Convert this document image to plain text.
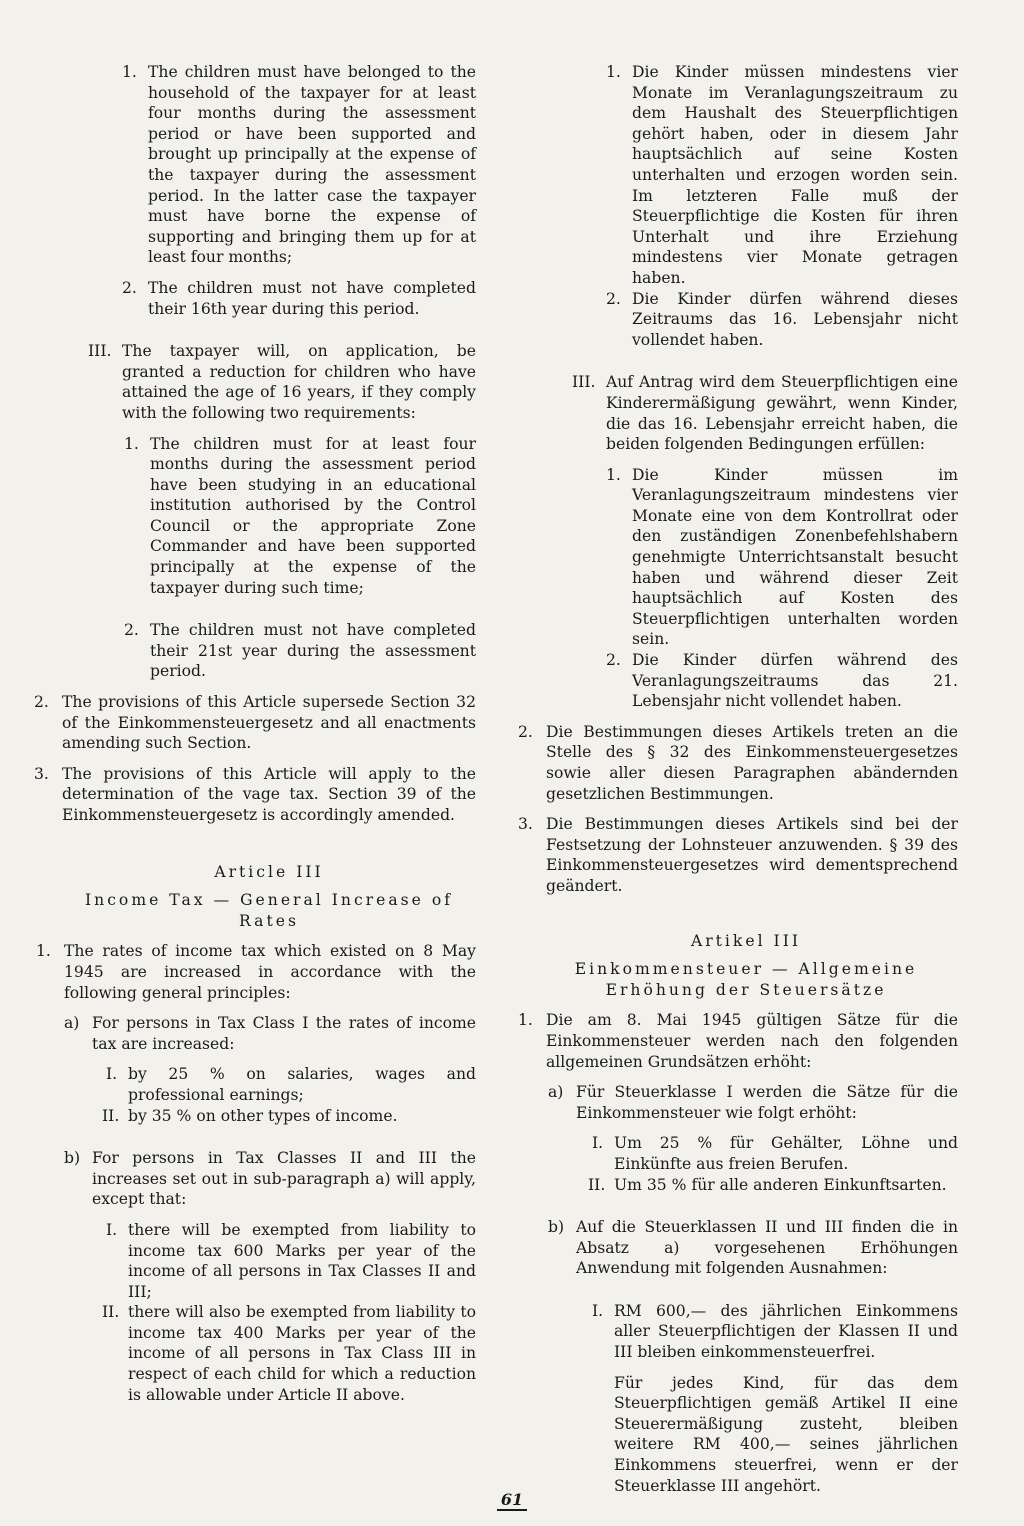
1. The children must have belonged to the household of the taxpayer for at least four months during the assessment period or have been supported and brought up principally at the expense of the taxpayer during the assessment period. In the latter case the taxpayer must have borne the expense of supporting and bringing them up for at least four months;
2. The children must not have completed their 16th year during this period.
III. The taxpayer will, on application, be granted a reduction for children who have attained the age of 16 years, if they comply with the following two requirements:
1. The children must for at least four months during the assessment period have been studying in an educational institution authorised by the Control Council or the appropriate Zone Commander and have been supported principally at the expense of the taxpayer during such time;
2. The children must not have completed their 21st year during the assessment period.
2. The provisions of this Article supersede Section 32 of the Einkommensteuergesetz and all enactments amending such Section.
3. The provisions of this Article will apply to the determination of the vage tax. Section 39 of the Einkommensteuergesetz is accordingly amended.
Article III
Income Tax — General Increase of Rates
1. The rates of income tax which existed on 8 May 1945 are increased in accordance with the following general principles:
a) For persons in Tax Class I the rates of income tax are increased:
I. by 25 % on salaries, wages and professional earnings;
II. by 35 % on other types of income.
b) For persons in Tax Classes II and III the increases set out in sub-paragraph a) will apply, except that:
I. there will be exempted from liability to income tax 600 Marks per year of the income of all persons in Tax Classes II and III;
II. there will also be exempted from liability to income tax 400 Marks per year of the income of all persons in Tax Class III in respect of each child for which a reduction is allowable under Article II above.
1. Die Kinder müssen mindestens vier Monate im Veranlagungszeitraum zu dem Haushalt des Steuerpflichtigen gehört haben, oder in diesem Jahr hauptsächlich auf seine Kosten unterhalten und erzogen worden sein. Im letzteren Falle muß der Steuerpflichtige die Kosten für ihren Unterhalt und ihre Erziehung mindestens vier Monate getragen haben.
2. Die Kinder dürfen während dieses Zeitraums das 16. Lebensjahr nicht vollendet haben.
III. Auf Antrag wird dem Steuerpflichtigen eine Kinderermäßigung gewährt, wenn Kinder, die das 16. Lebensjahr erreicht haben, die beiden folgenden Bedingungen erfüllen:
1. Die Kinder müssen im Veranlagungszeitraum mindestens vier Monate eine von dem Kontrollrat oder den zuständigen Zonenbefehlshabern genehmigte Unterrichtsanstalt besucht haben und während dieser Zeit hauptsächlich auf Kosten des Steuerpflichtigen unterhalten worden sein.
2. Die Kinder dürfen während des Veranlagungszeitraums das 21. Lebensjahr nicht vollendet haben.
2. Die Bestimmungen dieses Artikels treten an die Stelle des § 32 des Einkommensteuergesetzes sowie aller diesen Paragraphen abändernden gesetzlichen Bestimmungen.
3. Die Bestimmungen dieses Artikels sind bei der Festsetzung der Lohnsteuer anzuwenden. § 39 des Einkommensteuergesetzes wird dementsprechend geändert.
Artikel III
Einkommensteuer — Allgemeine Erhöhung der Steuersätze
1. Die am 8. Mai 1945 gültigen Sätze für die Einkommensteuer werden nach den folgenden allgemeinen Grundsätzen erhöht:
a) Für Steuerklasse I werden die Sätze für die Einkommensteuer wie folgt erhöht:
I. Um 25 % für Gehälter, Löhne und Einkünfte aus freien Berufen.
II. Um 35 % für alle anderen Einkunftsarten.
b) Auf die Steuerklassen II und III finden die in Absatz a) vorgesehenen Erhöhungen Anwendung mit folgenden Ausnahmen:
I. RM 600,— des jährlichen Einkommens aller Steuerpflichtigen der Klassen II und III bleiben einkommensteuerfrei.
Für jedes Kind, für das dem Steuerpflichtigen gemäß Artikel II eine Steuerermäßigung zusteht, bleiben weitere RM 400,— seines jährlichen Einkommens steuerfrei, wenn er der Steuerklasse III angehört.
61
